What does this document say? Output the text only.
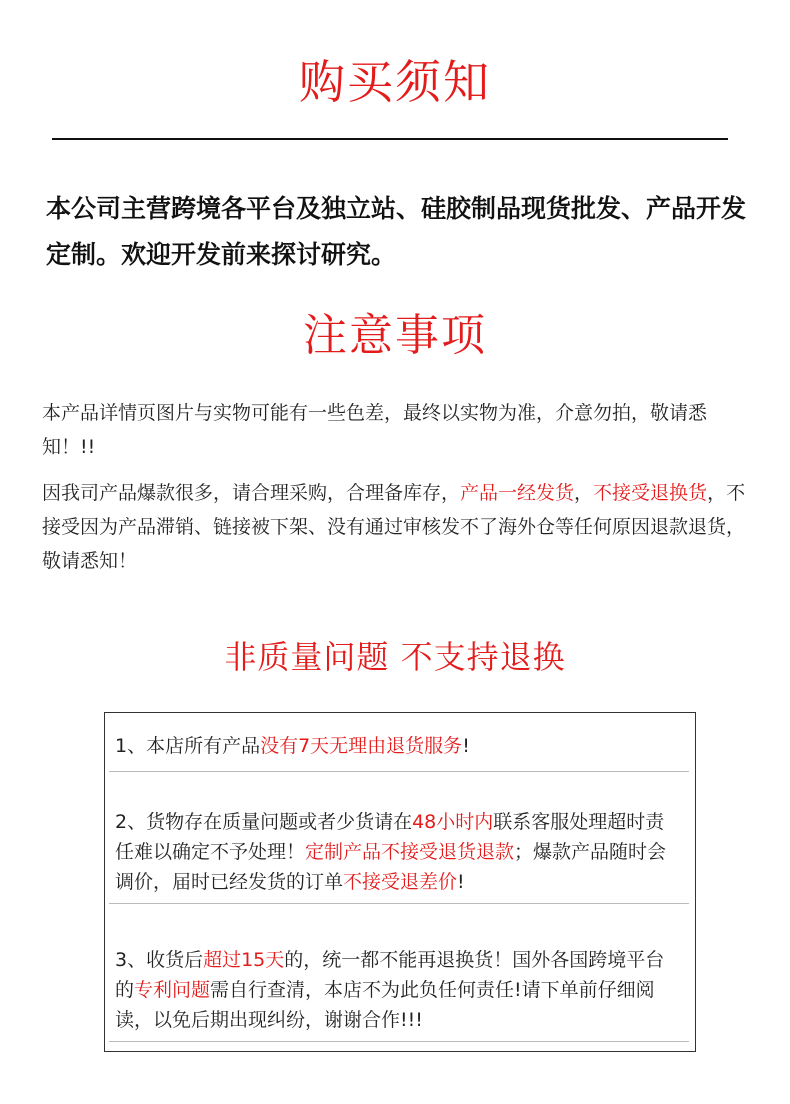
购买须知

本公司主营跨境各平台及独立站、硅胶制品现货批发、产品开发定制。欢迎开发前来探讨研究。

注意事项

本产品详情页图片与实物可能有一些色差，最终以实物为准，介意勿拍，敬请悉知！!!

因我司产品爆款很多，请合理采购，合理备库存，产品一经发货，不接受退换货，不接受因为产品滞销、链接被下架、没有通过审核发不了海外仓等任何原因退款退货，敬请悉知！

非质量问题 不支持退换

1、本店所有产品没有7天无理由退货服务!

2、货物存在质量问题或者少货请在48小时内联系客服处理超时责任难以确定不予处理！定制产品不接受退货退款；爆款产品随时会调价，届时已经发货的订单不接受退差价!

3、收货后超过15天的，统一都不能再退换货！国外各国跨境平台的专利问题需自行查清，本店不为此负任何责任!请下单前仔细阅读，以免后期出现纠纷，谢谢合作!!!
